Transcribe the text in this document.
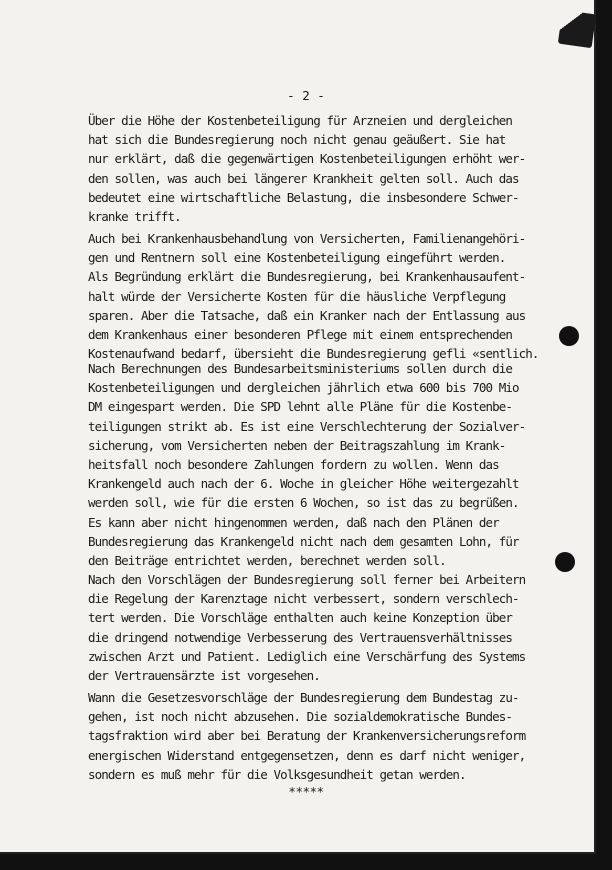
- 2 -
Über die Höhe der Kostenbeteiligung für Arzneien und dergleichen
hat sich die Bundesregierung noch nicht genau geäußert. Sie hat
nur erklärt, daß die gegenwärtigen Kostenbeteiligungen erhöht wer-
den sollen, was auch bei längerer Krankheit gelten soll. Auch das
bedeutet eine wirtschaftliche Belastung, die insbesondere Schwer-
kranke trifft.
Auch bei Krankenhausbehandlung von Versicherten, Familienangehöri-
gen und Rentnern soll eine Kostenbeteiligung eingeführt werden.
Als Begründung erklärt die Bundesregierung, bei Krankenhausaufent-
halt würde der Versicherte Kosten für die häusliche Verpflegung
sparen. Aber die Tatsache, daß ein Kranker nach der Entlassung aus
dem Krankenhaus einer besonderen Pflege mit einem entsprechenden
Kostenaufwand bedarf, übersieht die Bundesregierung gefli «sentlich.
Nach Berechnungen des Bundesarbeitsministeriums sollen durch die
Kostenbeteiligungen und dergleichen jährlich etwa 600 bis 700 Mio
DM eingespart werden. Die SPD lehnt alle Pläne für die Kostenbe-
teiligungen strikt ab. Es ist eine Verschlechterung der Sozialver-
sicherung, vom Versicherten neben der Beitragszahlung im Krank-
heitsfall noch besondere Zahlungen fordern zu wollen. Wenn das
Krankengeld auch nach der 6. Woche in gleicher Höhe weitergezahlt
werden soll, wie für die ersten 6 Wochen, so ist das zu begrüßen.
Es kann aber nicht hingenommen werden, daß nach den Plänen der
Bundesregierung das Krankengeld nicht nach dem gesamten Lohn, für
den Beiträge entrichtet werden, berechnet werden soll.
Nach den Vorschlägen der Bundesregierung soll ferner bei Arbeitern
die Regelung der Karenztage nicht verbessert, sondern verschlech-
tert werden. Die Vorschläge enthalten auch keine Konzeption über
die dringend notwendige Verbesserung des Vertrauensverhältnisses
zwischen Arzt und Patient. Lediglich eine Verschärfung des Systems
der Vertrauensärzte ist vorgesehen.
Wann die Gesetzesvorschläge der Bundesregierung dem Bundestag zu-
gehen, ist noch nicht abzusehen. Die sozialdemokratische Bundes-
tagsfraktion wird aber bei Beratung der Krankenversicherungsreform
energischen Widerstand entgegensetzen, denn es darf nicht weniger,
sondern es muß mehr für die Volksgesundheit getan werden.
*****
